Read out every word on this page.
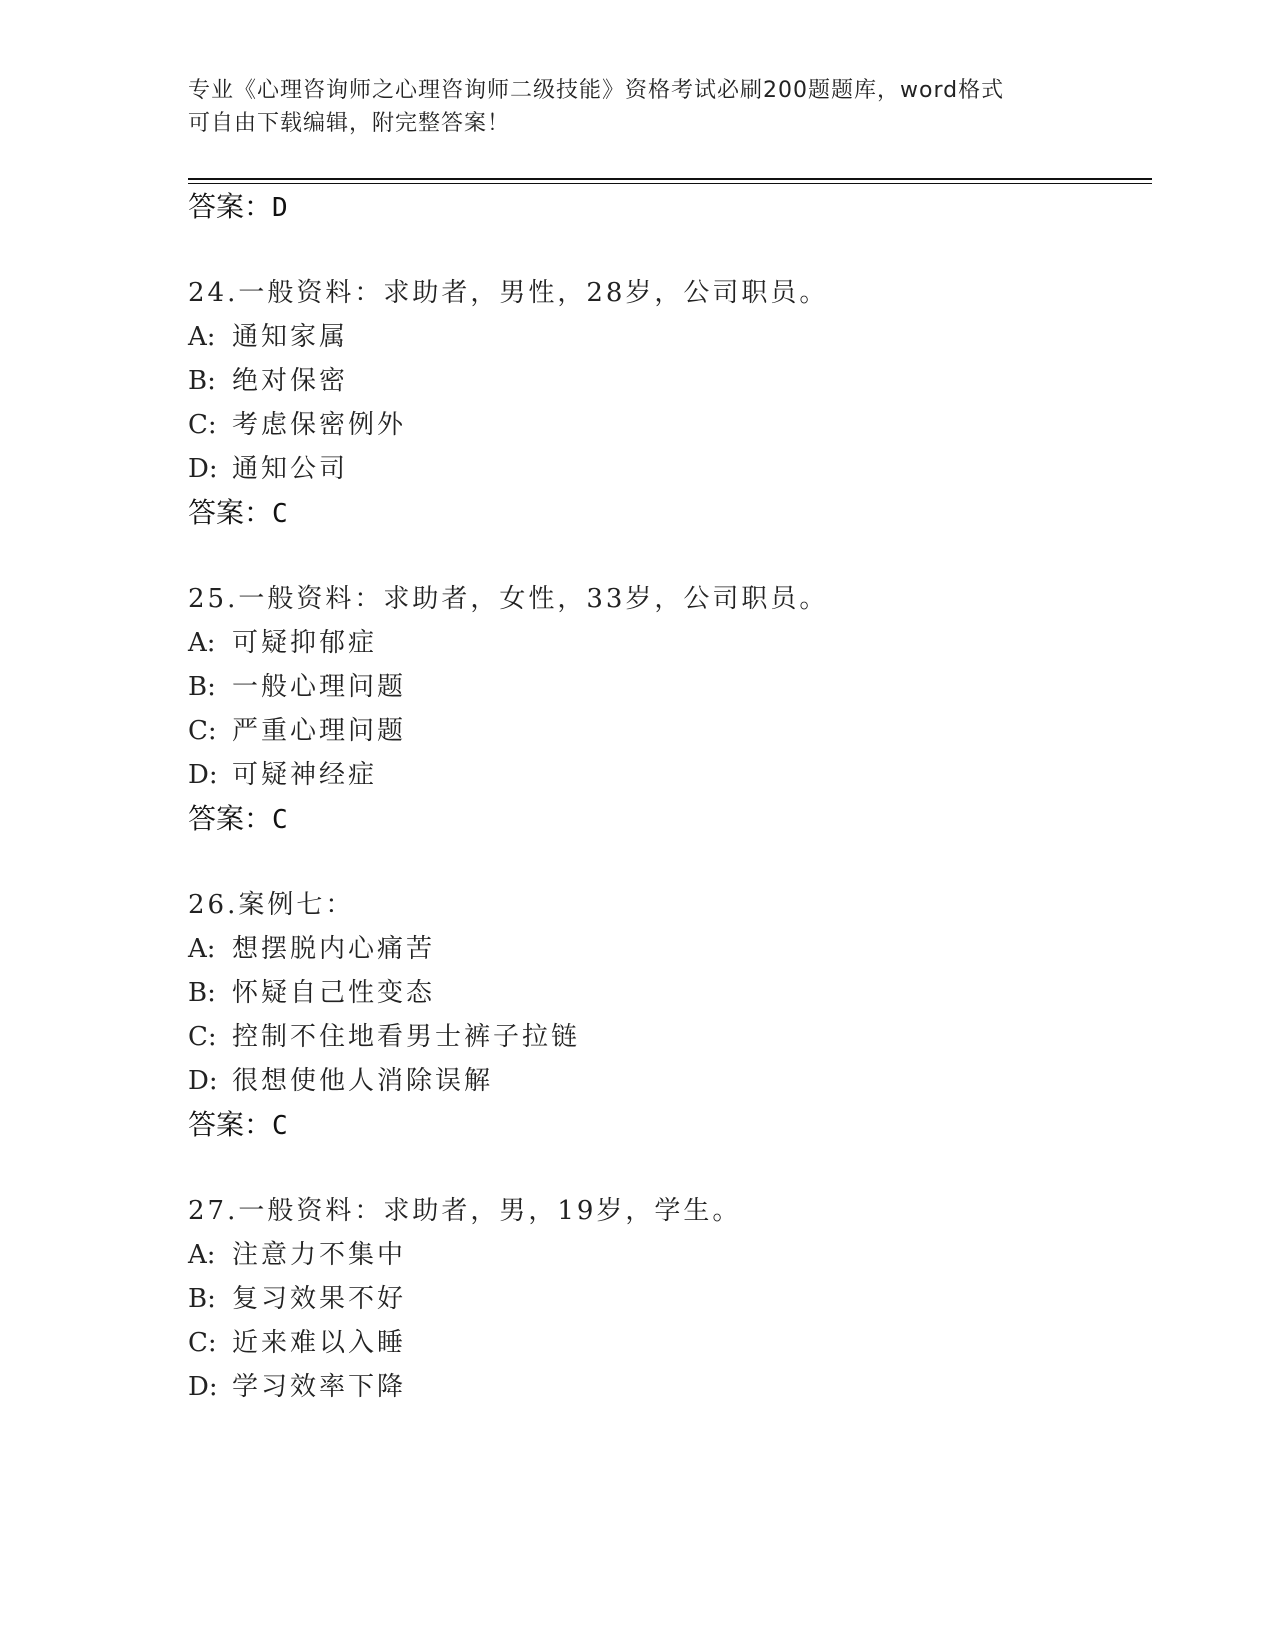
专业《心理咨询师之心理咨询师二级技能》资格考试必刷200题题库，word格式
可自由下载编辑，附完整答案！
答案：D
24.一般资料：求助者，男性，28岁，公司职员。
A: 通知家属
B: 绝对保密
C: 考虑保密例外
D: 通知公司
答案：C
25.一般资料：求助者，女性，33岁，公司职员。
A: 可疑抑郁症
B: 一般心理问题
C: 严重心理问题
D: 可疑神经症
答案：C
26.案例七：
A: 想摆脱内心痛苦
B: 怀疑自己性变态
C: 控制不住地看男士裤子拉链
D: 很想使他人消除误解
答案：C
27.一般资料：求助者，男，19岁，学生。
A: 注意力不集中
B: 复习效果不好
C: 近来难以入睡
D: 学习效率下降
